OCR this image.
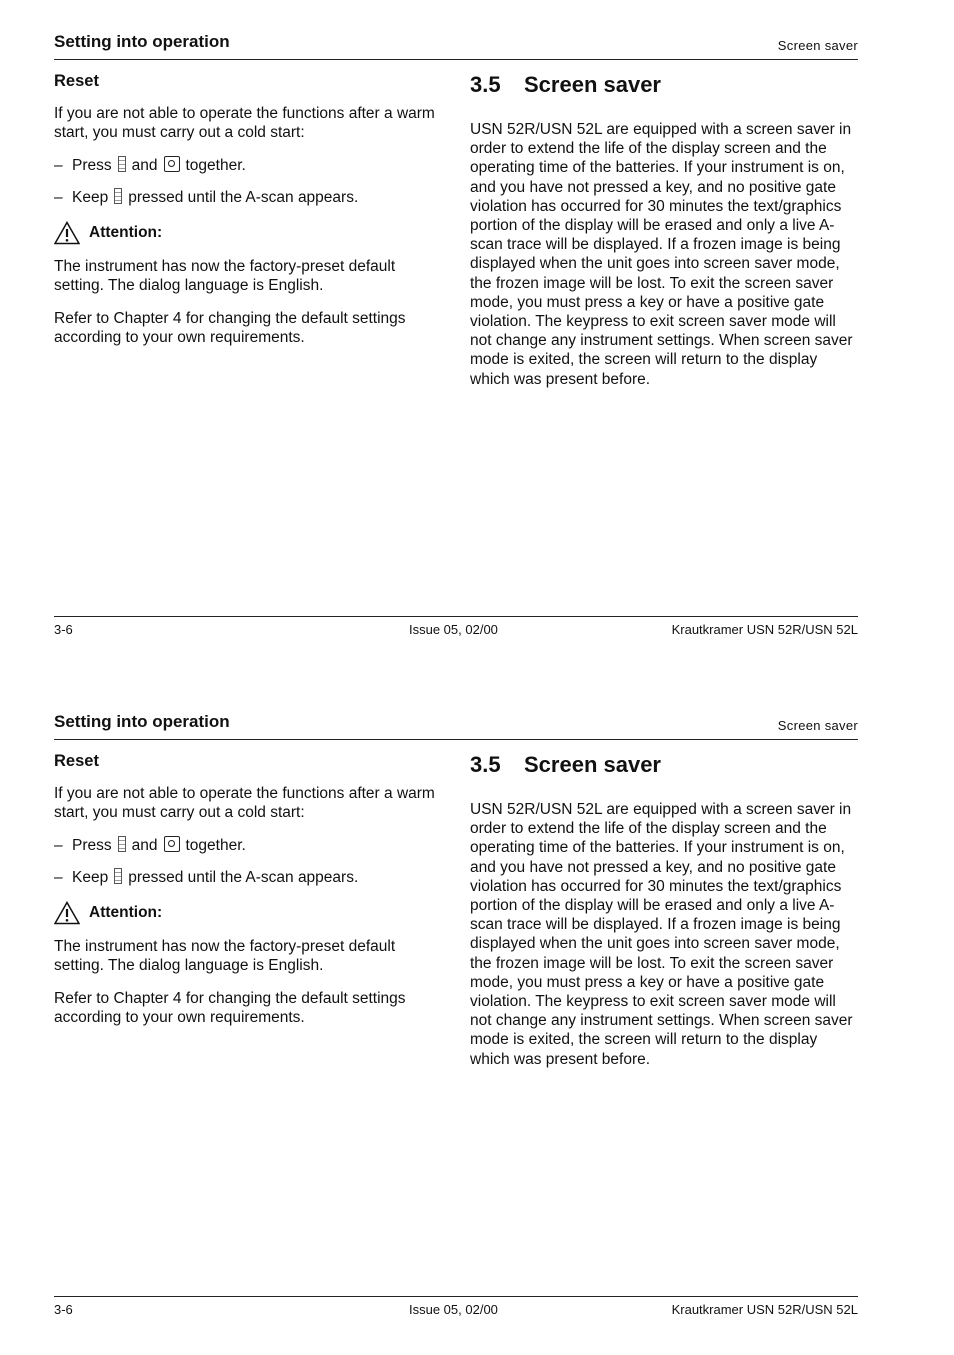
Setting into operation	Screen saver
Reset

If you are not able to operate the functions after a warm start, you must carry out a cold start:

– Press and together.
– Keep pressed until the A-scan appears.
Attention:

The instrument has now the factory-preset default setting. The dialog language is English.

Refer to Chapter 4 for changing the default settings according to your own requirements.

3.5 Screen saver

USN 52R/USN 52L are equipped with a screen saver in order to extend the life of the display screen and the operating time of the batteries. If your instrument is on, and you have not pressed a key, and no positive gate violation has occurred for 30 minutes the text/graphics portion of the display will be erased and only a live A-scan trace will be displayed. If a frozen image is being displayed when the unit goes into screen saver mode, the frozen image will be lost. To exit the screen saver mode, you must press a key or have a positive gate violation. The keypress to exit screen saver mode will not change any instrument settings. When screen saver mode is exited, the screen will return to the display which was present before.

3-6	Issue 05, 02/00	Krautkramer USN 52R/USN 52L
Setting into operation	Screen saver
Reset

If you are not able to operate the functions after a warm start, you must carry out a cold start:

– Press and together.
– Keep pressed until the A-scan appears.
Attention:

The instrument has now the factory-preset default setting. The dialog language is English.

Refer to Chapter 4 for changing the default settings according to your own requirements.

3.5 Screen saver

USN 52R/USN 52L are equipped with a screen saver in order to extend the life of the display screen and the operating time of the batteries. If your instrument is on, and you have not pressed a key, and no positive gate violation has occurred for 30 minutes the text/graphics portion of the display will be erased and only a live A-scan trace will be displayed. If a frozen image is being displayed when the unit goes into screen saver mode, the frozen image will be lost. To exit the screen saver mode, you must press a key or have a positive gate violation. The keypress to exit screen saver mode will not change any instrument settings. When screen saver mode is exited, the screen will return to the display which was present before.

3-6	Issue 05, 02/00	Krautkramer USN 52R/USN 52L
